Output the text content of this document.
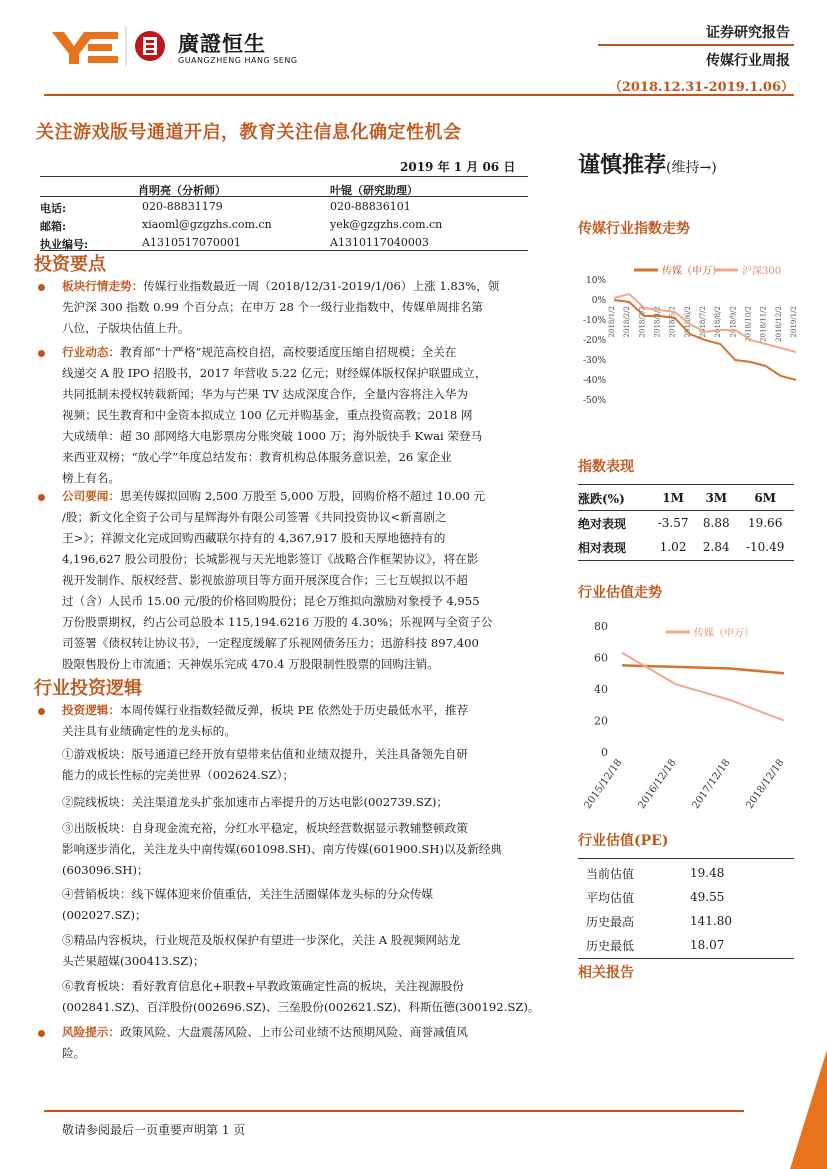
廣證恒生
GUANGZHENG HANG SENG
证券研究报告
传媒行业周报
（2018.12.31-2019.1.06）
关注游戏版号通道开启，教育关注信息化确定性机会
2019 年 1 月 06 日	谨慎推荐(维持→)
肖明亮（分析师）	叶锟（研究助理）
电话:	020-88831179	020-88836101
邮箱:	xiaoml@gzgzhs.com.cn	yek@gzgzhs.com.cn
执业编号:	A1310517070001	A1310117040003
投资要点
板块行情走势：传媒行业指数最近一周（2018/12/31-2019/1/06）上涨 1.83%，领
先沪深 300 指数 0.99 个百分点；在申万 28 个一级行业指数中，传媒单周排名第
八位，子版块估值上升。
行业动态：教育部“十严格”规范高校自招，高校要适度压缩自招规模；全关在
线递交 A 股 IPO 招股书，2017 年营收 5.22 亿元；财经媒体版权保护联盟成立，
共同抵制未授权转载新闻；华为与芒果 TV 达成深度合作，全量内容将注入华为
视频；民生教育和中金资本拟成立 100 亿元并购基金，重点投资高教；2018 网
大成绩单：超 30 部网络大电影票房分账突破 1000 万；海外版快手 Kwai 荣登马
来西亚双榜；“放心学”年度总结发布：教育机构总体服务意识差，26 家企业
榜上有名。
公司要闻：思美传媒拟回购 2,500 万股至 5,000 万股，回购价格不超过 10.00 元
/股；新文化全资子公司与星辉海外有限公司签署《共同投资协议<新喜剧之
王>》；祥源文化完成回购西藏联尔持有的 4,367,917 股和天厚地德持有的
4,196,627 股公司股份；长城影视与天光地影签订《战略合作框架协议》，将在影
视开发制作、版权经营、影视旅游项目等方面开展深度合作；三七互娱拟以不超
过（含）人民币 15.00 元/股的价格回购股份；昆仑万维拟向激励对象授予 4,955
万份股票期权，约占公司总股本 115,194.6216 万股的 4.30%；乐视网与全资子公
司签署《债权转让协议书》，一定程度缓解了乐视网债务压力；迅游科技 897,400
股限售股份上市流通；天神娱乐完成 470.4 万股限制性股票的回购注销。
行业投资逻辑
投资逻辑：本周传媒行业指数轻微反弹，板块 PE 依然处于历史最低水平，推荐
关注具有业绩确定性的龙头标的。
①游戏板块：版号通道已经开放有望带来估值和业绩双提升，关注具备领先自研
能力的成长性标的完美世界（002624.SZ）；
②院线板块：关注渠道龙头扩张加速市占率提升的万达电影(002739.SZ)；
③出版板块：自身现金流充裕，分红水平稳定，板块经营数据显示教辅整顿政策
影响逐步消化，关注龙头中南传媒(601098.SH)、南方传媒(601900.SH)以及新经典
(603096.SH)；
④营销板块：线下媒体迎来价值重估，关注生活圈媒体龙头标的分众传媒
(002027.SZ)；
⑤精品内容板块，行业规范及版权保护有望进一步深化，关注 A 股视频网站龙
头芒果超媒(300413.SZ)；
⑥教育板块：看好教育信息化+职教+早教政策确定性高的板块，关注视源股份
(002841.SZ)、百洋股份(002696.SZ)、三垒股份(002621.SZ)、科斯伍德(300192.SZ)。
风险提示：政策风险、大盘震荡风险、上市公司业绩不达预期风险、商誉减值风
险。
传媒行业指数走势
10%
0%
-10%
-20%
-30%
-40%
-50%
2018/1/2 2018/2/2 2018/3/2 2018/4/2 2018/5/2 2018/6/2 2018/7/2 2018/8/2 2018/9/2 2018/10/2 2018/11/2 2018/12/2 2019/1/2
传媒（申万） 沪深300
指数表现
涨跌(%)	1M	3M	6M
绝对表现	-3.57	8.88	19.66
相对表现	1.02	2.84	-10.49
行业估值走势
80
60
40
20
0
2015/12/18 2016/12/18 2017/12/18 2018/12/18
传媒（申万）
行业估值(PE)
当前估值	19.48
平均估值	49.55
历史最高	141.80
历史最低	18.07
相关报告
敬请参阅最后一页重要声明第 1 页
